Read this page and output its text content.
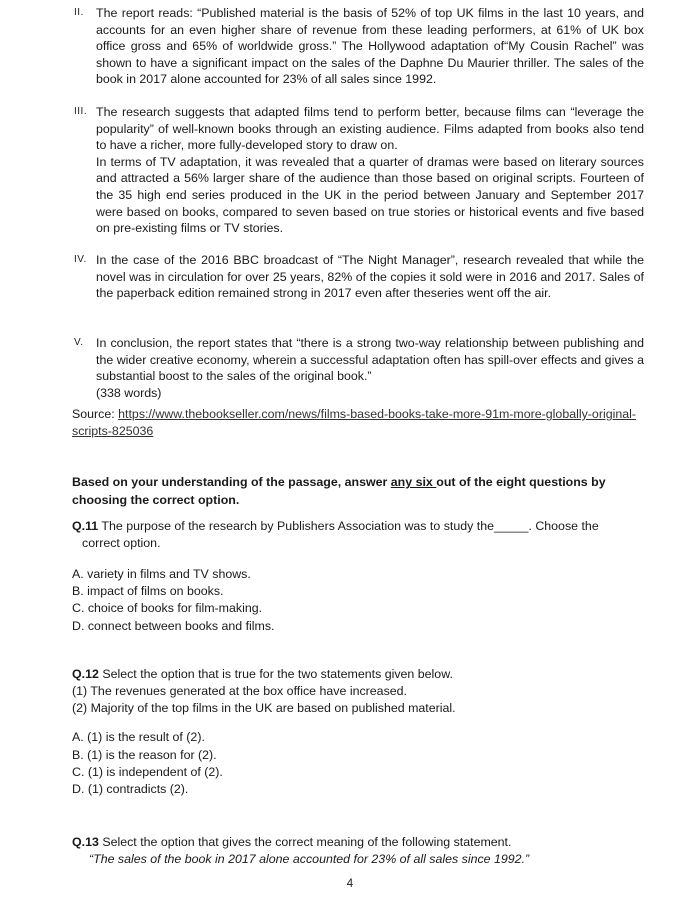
II. The report reads: “Published material is the basis of 52% of top UK films in the last 10 years, and accounts for an even higher share of revenue from these leading performers, at 61% of UK box office gross and 65% of worldwide gross.” The Hollywood adaptation of“My Cousin Rachel” was shown to have a significant impact on the sales of the Daphne Du Maurier thriller. The sales of the book in 2017 alone accounted for 23% of all sales since 1992.

III. The research suggests that adapted films tend to perform better, because films can “leverage the popularity” of well-known books through an existing audience. Films adapted from books also tend to have a richer, more fully-developed story to draw on.

In terms of TV adaptation, it was revealed that a quarter of dramas were based on literary sources and attracted a 56% larger share of the audience than those based on original scripts. Fourteen of the 35 high end series produced in the UK in the period between January and September 2017 were based on books, compared to seven based on true stories or historical events and five based on pre-existing films or TV stories.

IV. In the case of the 2016 BBC broadcast of “The Night Manager”, research revealed that while the novel was in circulation for over 25 years, 82% of the copies it sold were in 2016 and 2017. Sales of the paperback edition remained strong in 2017 even after theseries went off the air.

V. In conclusion, the report states that “there is a strong two-way relationship between publishing and the wider creative economy, wherein a successful adaptation often has spill-over effects and gives a substantial boost to the sales of the original book.”

(338 words)

Source: https://www.thebookseller.com/news/films-based-books-take-more-91m-more-globally-original-scripts-825036
Based on your understanding of the passage, answer any six out of the eight questions by choosing the correct option.
Q.11 The purpose of the research by Publishers Association was to study the_____. Choose the
correct option.
A. variety in films and TV shows.
B. impact of films on books.
C. choice of books for film-making.
D. connect between books and films.
Q.12 Select the option that is true for the two statements given below.
(1) The revenues generated at the box office have increased.
(2) Majority of the top films in the UK are based on published material.
A. (1) is the result of (2).
B. (1) is the reason for (2).
C. (1) is independent of (2).
D. (1) contradicts (2).
Q.13 Select the option that gives the correct meaning of the following statement.
“The sales of the book in 2017 alone accounted for 23% of all sales since 1992.”
4
